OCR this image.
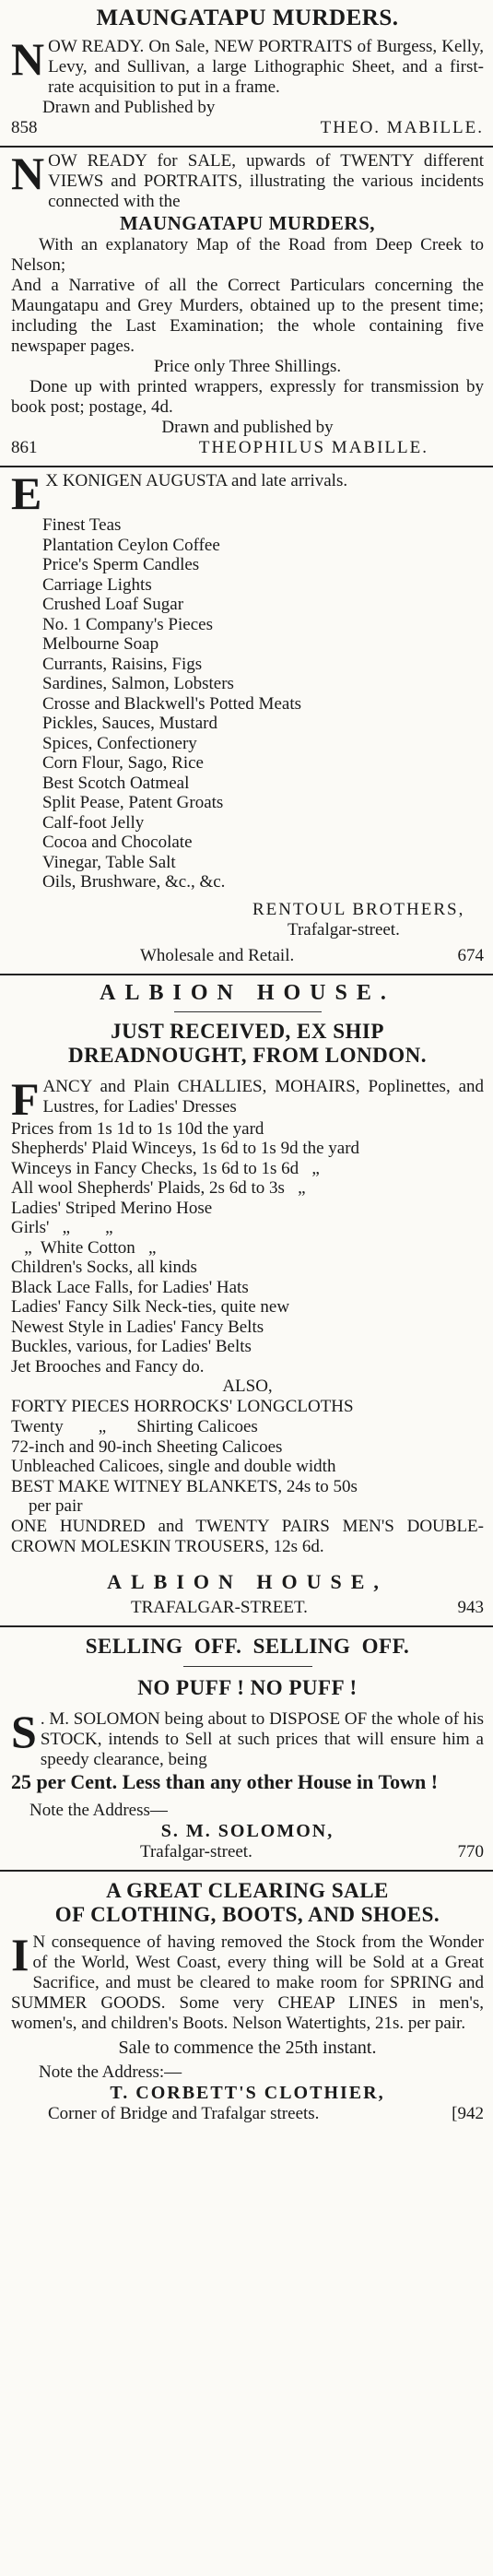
MAUNGATAPU MURDERS.

NOW READY. On Sale, NEW PORTRAITS of Burgess, Kelly, Levy, and Sullivan, a large Lithographic Sheet, and a first-rate acquisition to put in a frame.

Drawn and Published by
858	THEO. MABILLE.

NOW READY for SALE, upwards of TWENTY different VIEWS and PORTRAITS, illustrating the various incidents connected with the

MAUNGATAPU MURDERS,

With an explanatory Map of the Road from Deep Creek to Nelson;

And a Narrative of all the Correct Particulars concerning the Maungatapu and Grey Murders, obtained up to the present time; including the Last Examination; the whole containing five newspaper pages.

Price only Three Shillings.

Done up with printed wrappers, expressly for transmission by book post; postage, 4d.

Drawn and published by
861	THEOPHILUS MABILLE.

E X KONIGEN AUGUSTA and late arrivals.

Finest Teas
Plantation Ceylon Coffee
Price's Sperm Candles
Carriage Lights
Crushed Loaf Sugar
No. 1 Company's Pieces
Melbourne Soap
Currants, Raisins, Figs
Sardines, Salmon, Lobsters
Crosse and Blackwell's Potted Meats
Pickles, Sauces, Mustard
Spices, Confectionery
Corn Flour, Sago, Rice
Best Scotch Oatmeal
Split Pease, Patent Groats
Calf-foot Jelly
Cocoa and Chocolate
Vinegar, Table Salt
Oils, Brushware, &c., &c.
RENTOUL BROTHERS,
Trafalgar-street.
Wholesale and Retail.	674
ALBION HOUSE.
JUST RECEIVED, EX SHIP
DREADNOUGHT, FROM LONDON.

FANCY and Plain CHALLIES, MOHAIRS, Poplinettes, and Lustres, for Ladies' Dresses

Prices from 1s 1d to 1s 10d the yard
Shepherds' Plaid Winceys, 1s 6d to 1s 9d the yard
Winceys in Fancy Checks, 1s 6d to 1s 6d   „
All wool Shepherds' Plaids, 2s 6d to 3s   „
Ladies' Striped Merino Hose
Girls'   „        „
„  White Cotton   „
Children's Socks, all kinds
Black Lace Falls, for Ladies' Hats
Ladies' Fancy Silk Neck-ties, quite new
Newest Style in Ladies' Fancy Belts
Buckles, various, for Ladies' Belts
Jet Brooches and Fancy do.
ALSO,
FORTY PIECES HORROCKS' LONGCLOTHS
Twenty        „       Shirting Calicoes
72-inch and 90-inch Sheeting Calicoes
Unbleached Calicoes, single and double width
BEST MAKE WITNEY BLANKETS, 24s to 50s
per pair

ONE HUNDRED and TWENTY PAIRS MEN'S DOUBLE-CROWN MOLESKIN TROUSERS, 12s 6d.

ALBION HOUSE,
TRAFALGAR-STREET.	943
SELLING OFF. SELLING OFF.
NO PUFF ! NO PUFF !

S . M. SOLOMON being about to DISPOSE OF the whole of his STOCK, intends to Sell at such prices that will ensure him a speedy clearance, being

25 per Cent. Less than any other House in Town !

Note the Address—
S. M. SOLOMON,
Trafalgar-street.	770
A GREAT CLEARING SALE
OF CLOTHING, BOOTS, AND SHOES.

I N consequence of having removed the Stock from the Wonder of the World, West Coast, every thing will be Sold at a Great Sacrifice, and must be cleared to make room for SPRING and SUMMER GOODS. Some very CHEAP LINES in men's, women's, and children's Boots. Nelson Watertights, 21s. per pair.

Sale to commence the 25th instant.
Note the Address:—
T. CORBETT'S CLOTHIER,
Corner of Bridge and Trafalgar streets.	[942
